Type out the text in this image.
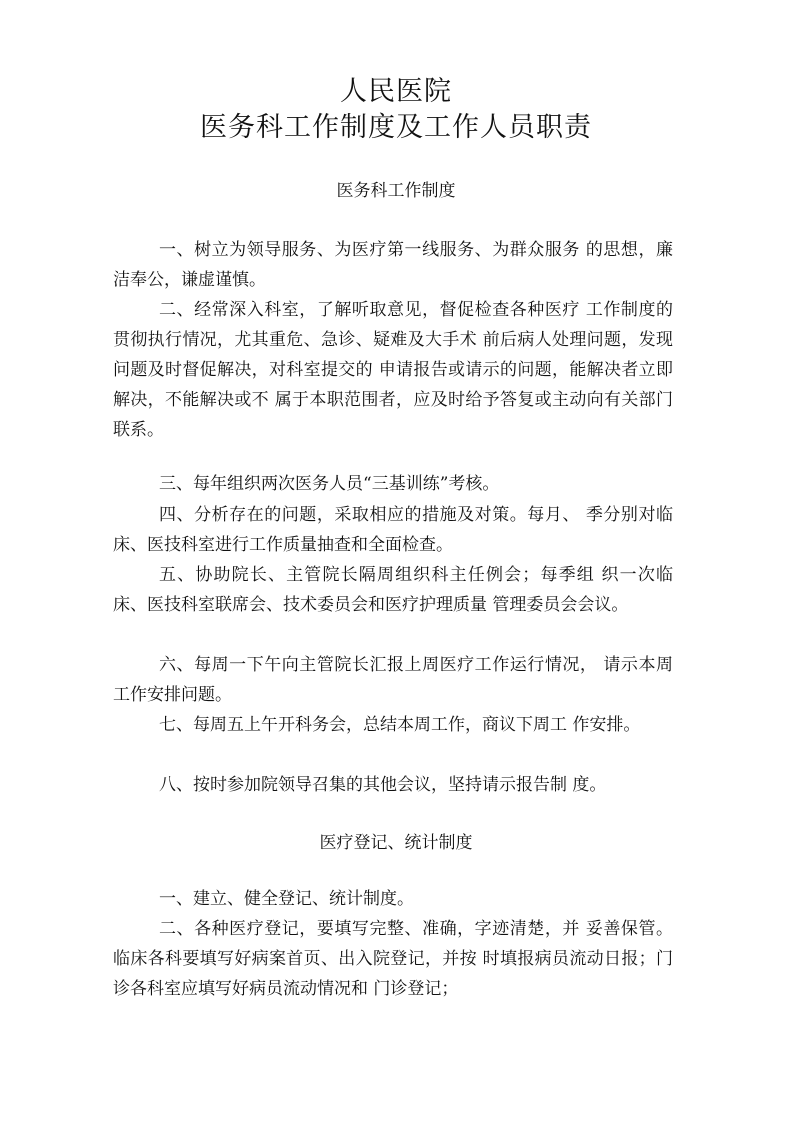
人民医院
医务科工作制度及工作人员职责
医务科工作制度

一、树立为领导服务、为医疗第一线服务、为群众服务 的思想，廉洁奉公，谦虚谨慎。

二、经常深入科室，了解听取意见，督促检查各种医疗 工作制度的贯彻执行情况，尤其重危、急诊、疑难及大手术 前后病人处理问题，发现问题及时督促解决，对科室提交的 申请报告或请示的问题，能解决者立即解决，不能解决或不 属于本职范围者，应及时给予答复或主动向有关部门联系。

三、每年组织两次医务人员“三基训练”考核。

四、分析存在的问题，采取相应的措施及对策。每月、 季分别对临床、医技科室进行工作质量抽查和全面检查。

五、协助院长、主管院长隔周组织科主任例会；每季组 织一次临床、医技科室联席会、技术委员会和医疗护理质量 管理委员会会议。

六、每周一下午向主管院长汇报上周医疗工作运行情况， 请示本周工作安排问题。

七、每周五上午开科务会，总结本周工作，商议下周工 作安排。

八、按时参加院领导召集的其他会议，坚持请示报告制 度。

医疗登记、统计制度

一、建立、健全登记、统计制度。

二、各种医疗登记，要填写完整、准确，字迹清楚，并 妥善保管。临床各科要填写好病案首页、出入院登记，并按 时填报病员流动日报；门诊各科室应填写好病员流动情况和 门诊登记；
